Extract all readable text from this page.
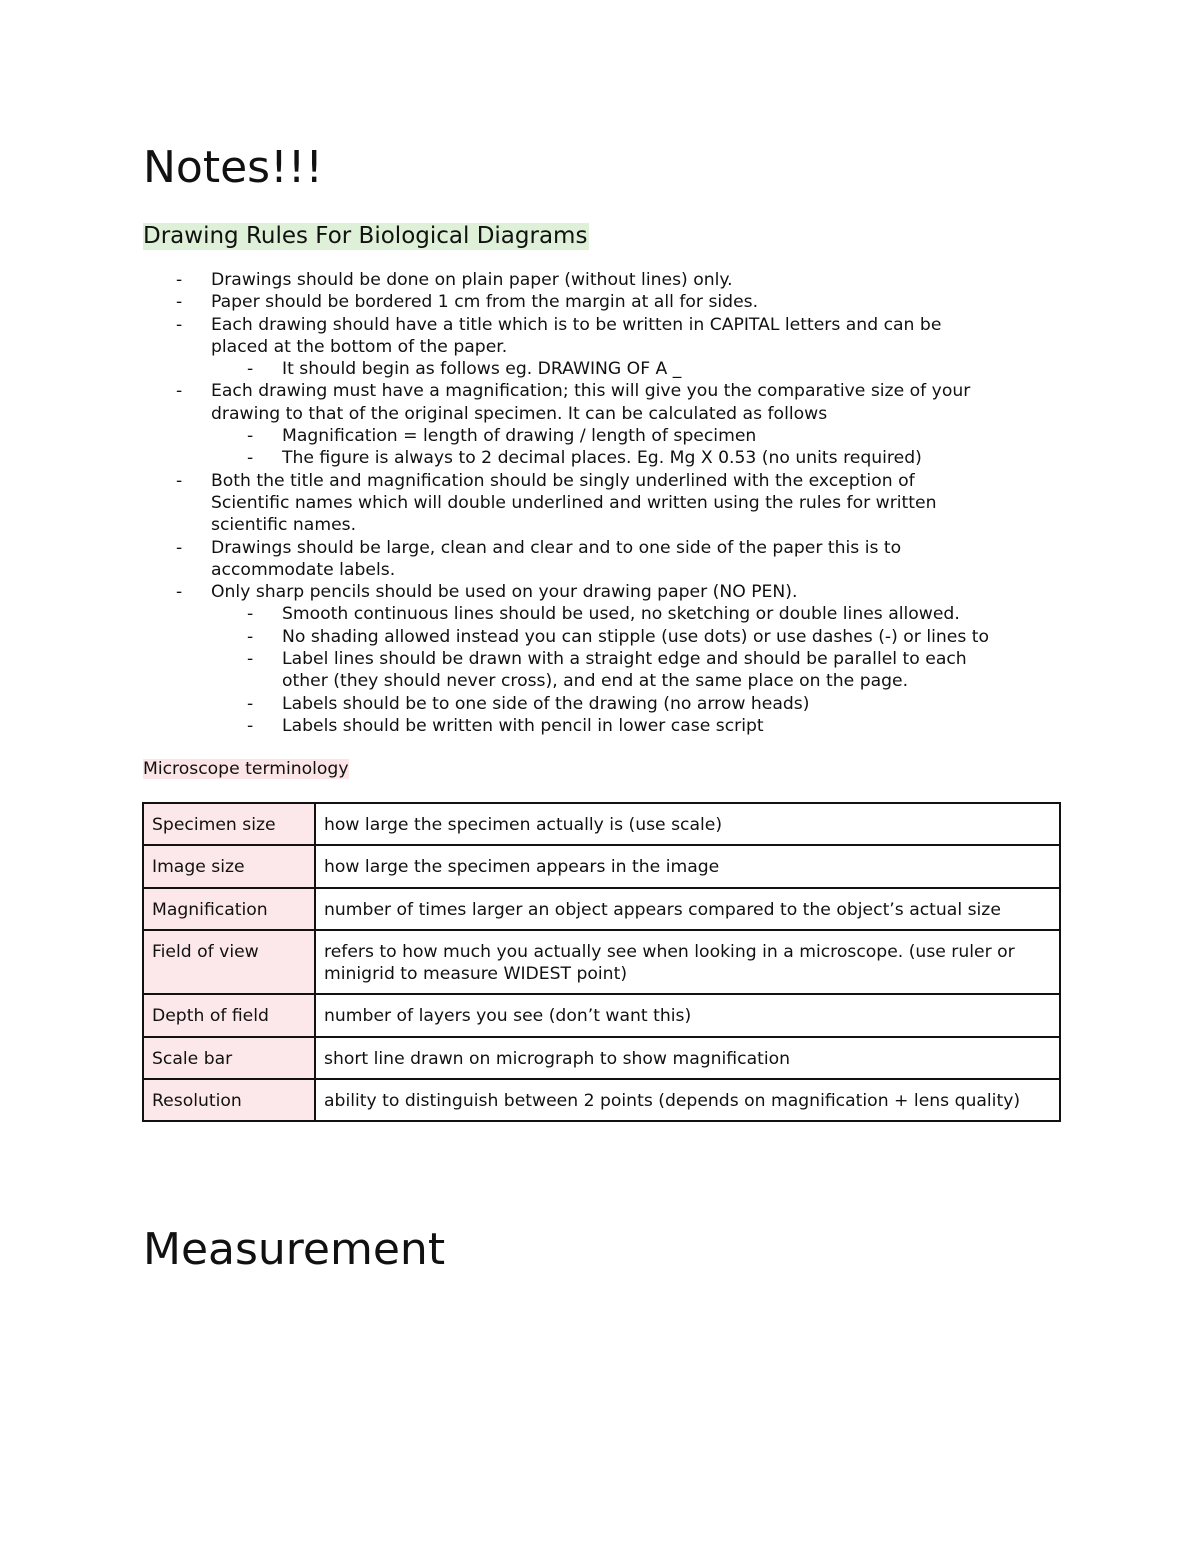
Notes!!!
Drawing Rules For Biological Diagrams
- Drawings should be done on plain paper (without lines) only.
- Paper should be bordered 1 cm from the margin at all for sides.
- Each drawing should have a title which is to be written in CAPITAL letters and can be
placed at the bottom of the paper.
- It should begin as follows eg. DRAWING OF A _
- Each drawing must have a magnification; this will give you the comparative size of your
drawing to that of the original specimen. It can be calculated as follows
- Magnification = length of drawing / length of specimen
- The figure is always to 2 decimal places. Eg. Mg X 0.53 (no units required)
- Both the title and magnification should be singly underlined with the exception of
Scientific names which will double underlined and written using the rules for written
scientific names.
- Drawings should be large, clean and clear and to one side of the paper this is to
accommodate labels.
- Only sharp pencils should be used on your drawing paper (NO PEN).
- Smooth continuous lines should be used, no sketching or double lines allowed.
- No shading allowed instead you can stipple (use dots) or use dashes (-) or lines to
- Label lines should be drawn with a straight edge and should be parallel to each
other (they should never cross), and end at the same place on the page.
- Labels should be to one side of the drawing (no arrow heads)
- Labels should be written with pencil in lower case script
Microscope terminology
Specimen size	how large the specimen actually is (use scale)
Image size	how large the specimen appears in the image
Magnification	number of times larger an object appears compared to the object’s actual size
Field of view	refers to how much you actually see when looking in a microscope. (use ruler or minigrid to measure WIDEST point)
Depth of field	number of layers you see (don’t want this)
Scale bar	short line drawn on micrograph to show magnification
Resolution	ability to distinguish between 2 points (depends on magnification + lens quality)
Measurement
